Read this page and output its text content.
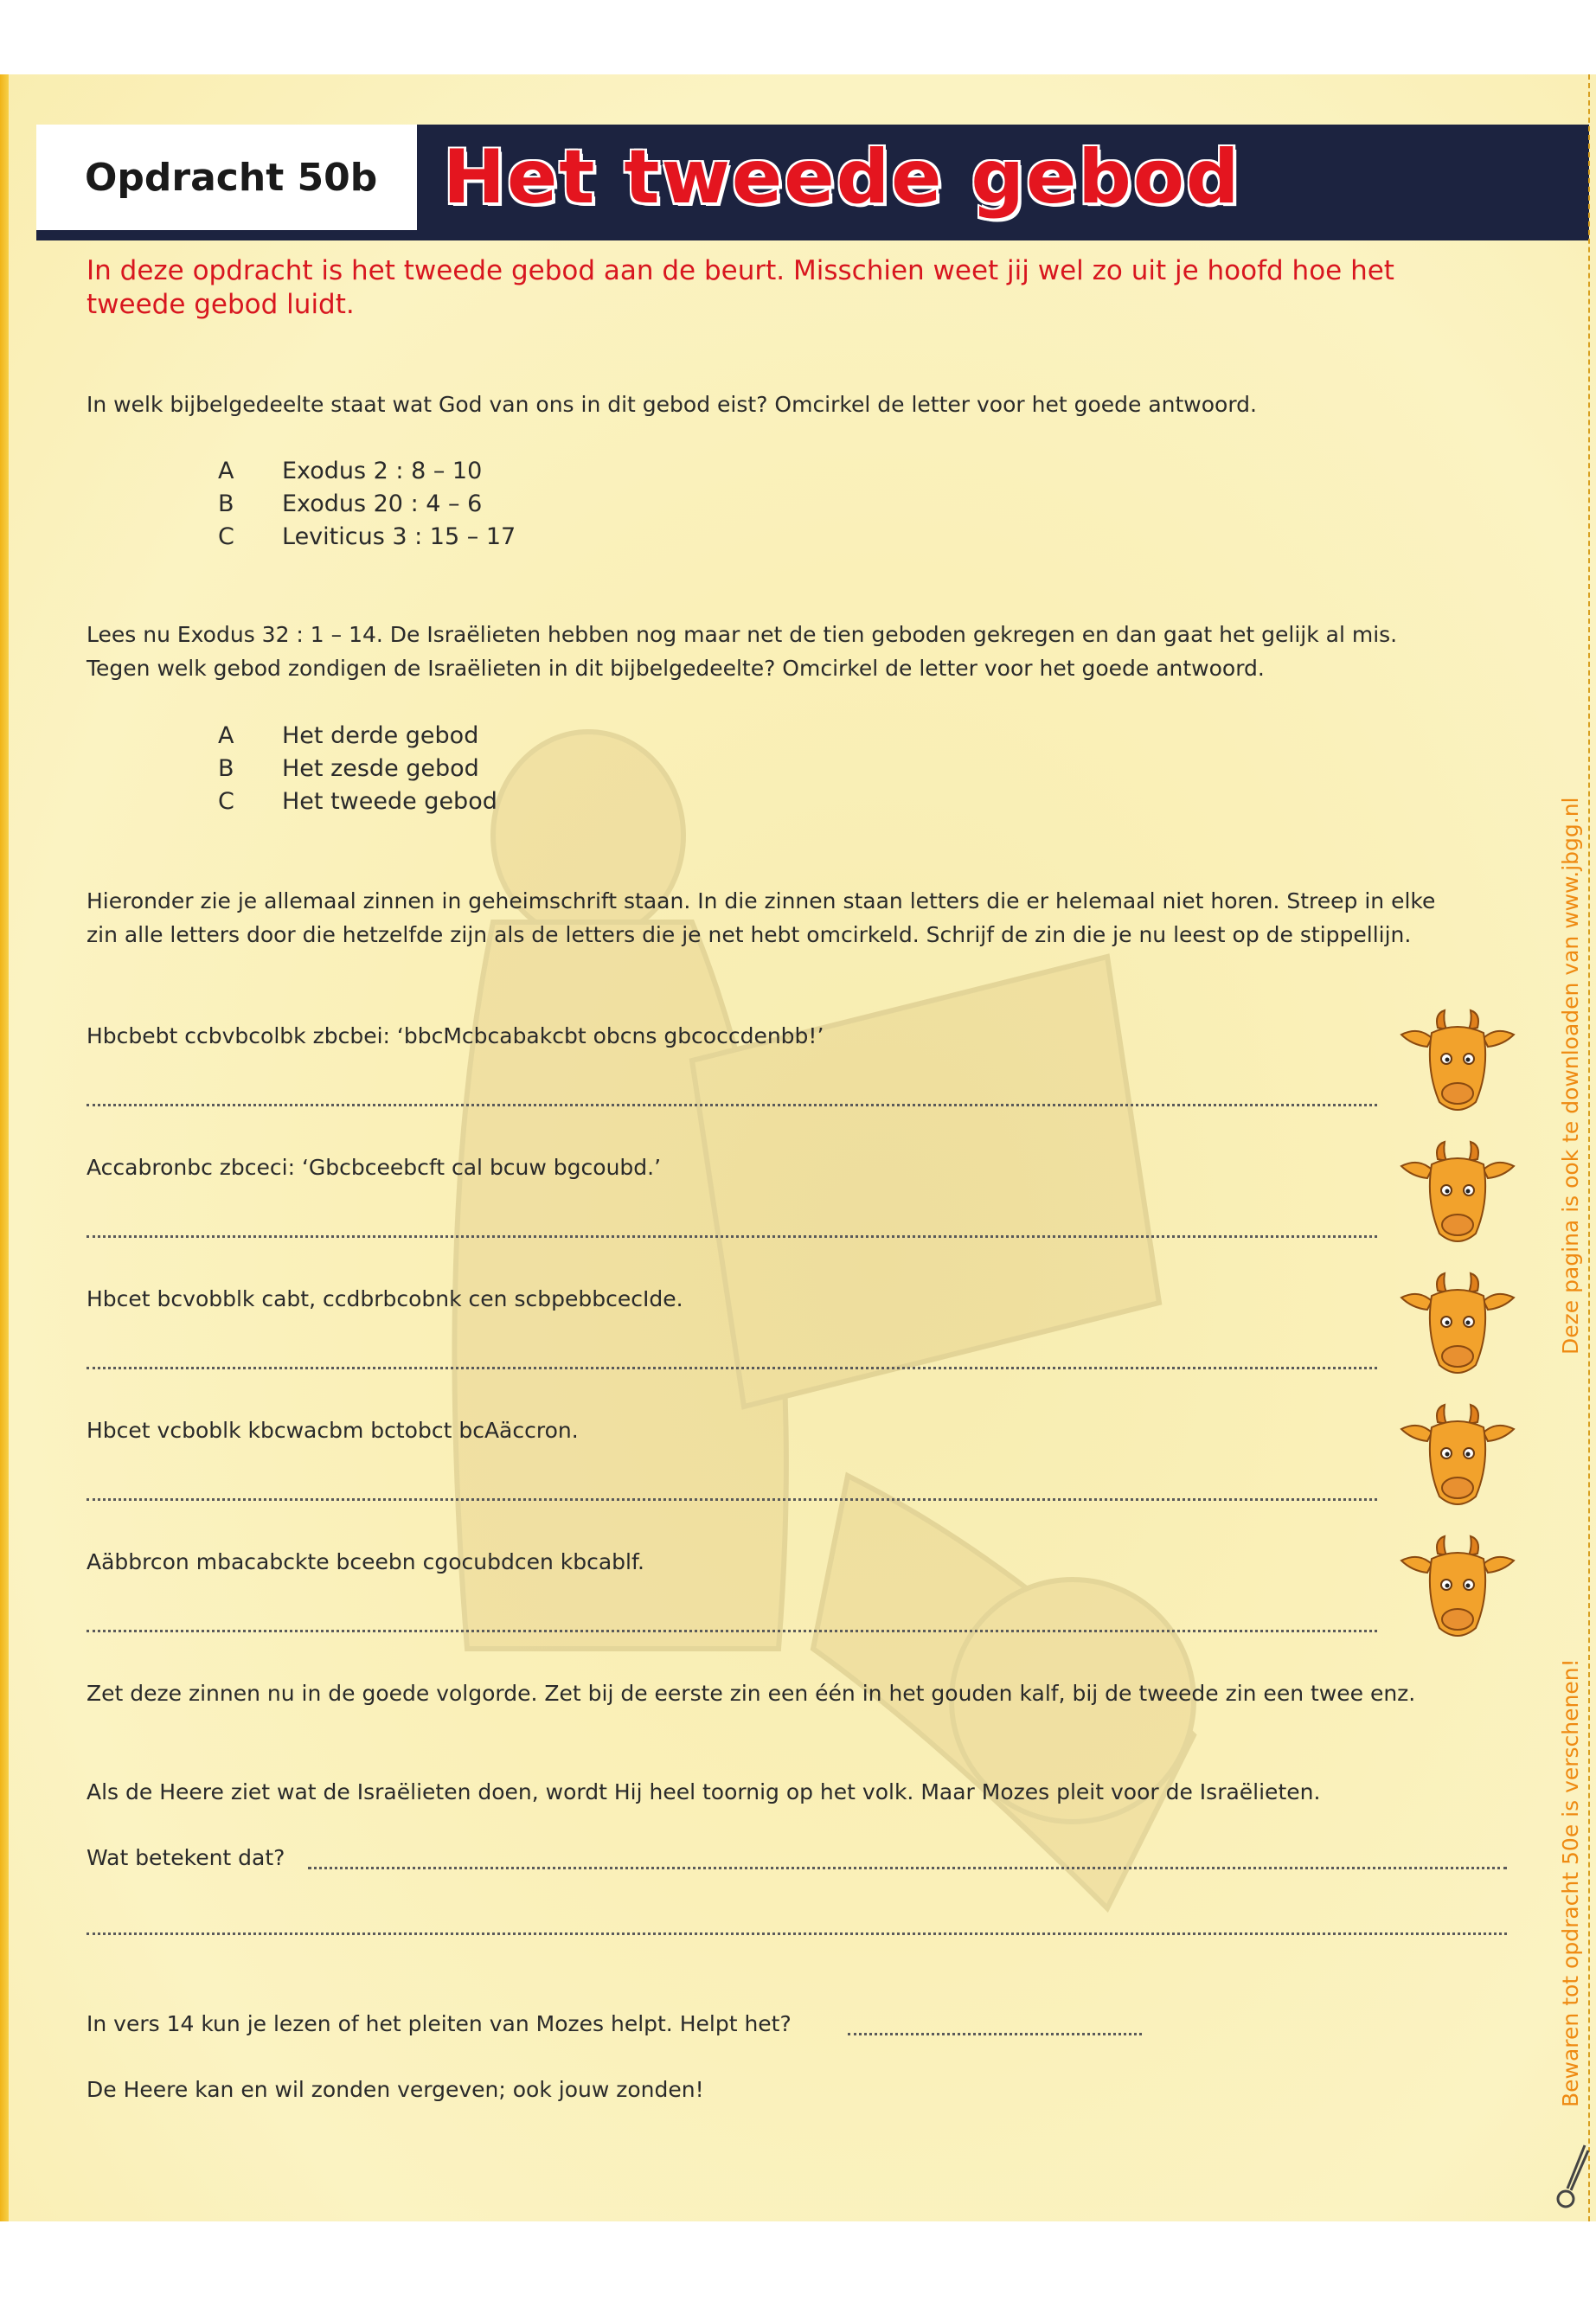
Opdracht 50b Het tweede gebod
In deze opdracht is het tweede gebod aan de beurt. Misschien weet jij wel zo uit je hoofd hoe het tweede gebod luidt.
In welk bijbelgedeelte staat wat God van ons in dit gebod eist? Omcirkel de letter voor het goede antwoord.
A Exodus 2 : 8 – 10
B Exodus 20 : 4 – 6
C Leviticus 3 : 15 – 17
Lees nu Exodus 32 : 1 – 14. De Israëlieten hebben nog maar net de tien geboden gekregen en dan gaat het gelijk al mis.
Tegen welk gebod zondigen de Israëlieten in dit bijbelgedeelte? Omcirkel de letter voor het goede antwoord.
A Het derde gebod
B Het zesde gebod
C Het tweede gebod
Hieronder zie je allemaal zinnen in geheimschrift staan. In die zinnen staan letters die er helemaal niet horen. Streep in elke
zin alle letters door die hetzelfde zijn als de letters die je net hebt omcirkeld. Schrijf de zin die je nu leest op de stippellijn.
Hbcbebt ccbvbcolbk zbcbei: ‘bbcMcbcabakcbt obcns gbcoccdenbb!’
Accabronbc zbceci: ‘Gbcbceebcft cal bcuw bgcoubd.’
Hbcet bcvobblk cabt, ccdbrbcobnk cen scbpebbcecIde.
Hbcet vcboblk kbcwacbm bctobct bcAäccron.
Aäbbrcon mbacabckte bceebn cgocubdcen kbcablf.
Zet deze zinnen nu in de goede volgorde. Zet bij de eerste zin een één in het gouden kalf, bij de tweede zin een twee enz.
Als de Heere ziet wat de Israëlieten doen, wordt Hij heel toornig op het volk. Maar Mozes pleit voor de Israëlieten.
Wat betekent dat?
In vers 14 kun je lezen of het pleiten van Mozes helpt. Helpt het?
De Heere kan en wil zonden vergeven; ook jouw zonden!
Deze pagina is ook te downloaden van www.jbgg.nl
Bewaren tot opdracht 50e is verschenen!
